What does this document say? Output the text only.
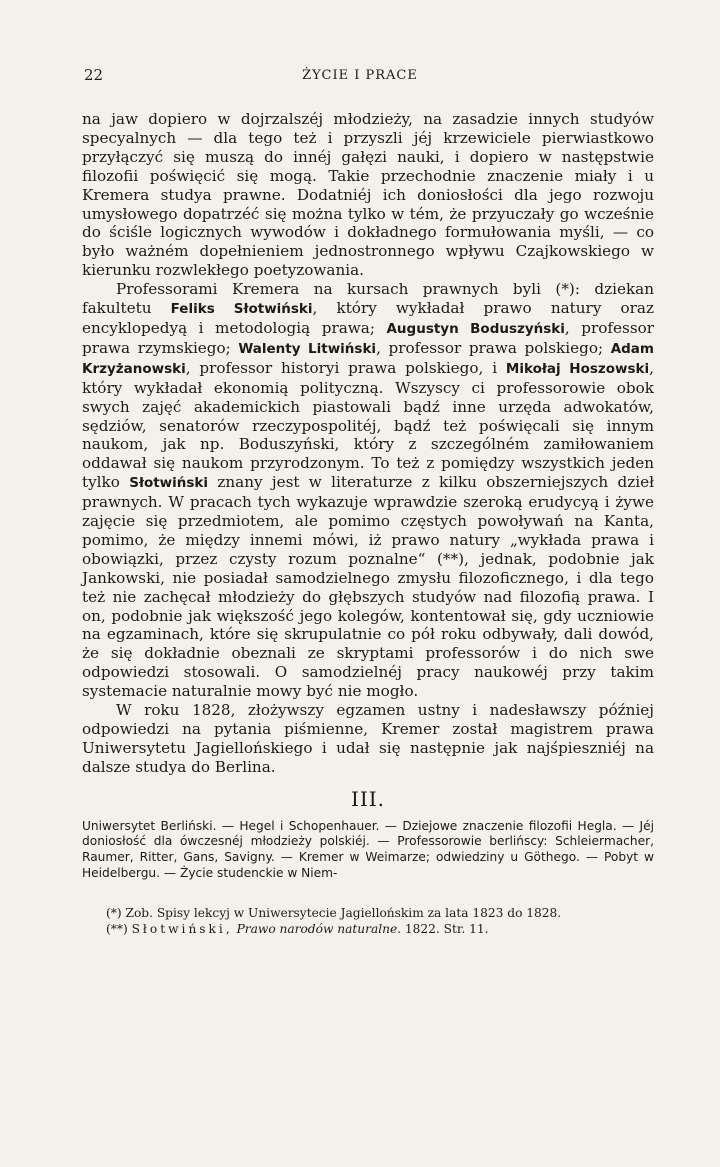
22	ŻYCIE I PRACE

na jaw dopiero w dojrzalszéj młodzieży, na zasadzie innych studyów specyalnych — dla tego też i przyszli jéj krzewiciele pierwiastkowo przyłączyć się muszą do innéj gałęzi nauki, i dopiero w następstwie filozofii poświęcić się mogą. Takie przechodnie znaczenie miały i u Kremera studya prawne. Dodatniéj ich doniosłości dla jego rozwoju umysłowego dopatrzéć się można tylko w tém, że przyuczały go wcześnie do ściśle logicznych wywodów i dokładnego formułowania myśli, — co było ważném dopełnieniem jednostronnego wpływu Czajkowskiego w kierunku rozwlekłego poetyzowania.

Professorami Kremera na kursach prawnych byli (*): dziekan fakultetu Feliks Słotwiński, który wykładał prawo natury oraz encyklopedyą i metodologią prawa; Augustyn Boduszyński, professor prawa rzymskiego; Walenty Litwiński, professor prawa polskiego; Adam Krzyżanowski, professor historyi prawa polskiego, i Mikołaj Hoszowski, który wykładał ekonomią polityczną. Wszyscy ci professorowie obok swych zajęć akademickich piastowali bądź inne urzęda adwokatów, sędziów, senatorów rzeczypospolitéj, bądź też poświęcali się innym naukom, jak np. Boduszyński, który z szczególném zamiłowaniem oddawał się naukom przyrodzonym. To też z pomiędzy wszystkich jeden tylko Słotwiński znany jest w literaturze z kilku obszerniejszych dzieł prawnych. W pracach tych wykazuje wprawdzie szeroką erudycyą i żywe zajęcie się przedmiotem, ale pomimo częstych powoływań na Kanta, pomimo, że między innemi mówi, iż prawo natury „wykłada prawa i obowiązki, przez czysty rozum poznalne“ (**), jednak, podobnie jak Jankowski, nie posiadał samodzielnego zmysłu filozoficznego, i dla tego też nie zachęcał młodzieży do głębszych studyów nad filozofią prawa. I on, podobnie jak większość jego kolegów, kontentował się, gdy uczniowie na egzaminach, które się skrupulatnie co pół roku odbywały, dali dowód, że się dokładnie obeznali ze skryptami professorów i do nich swe odpowiedzi stosowali. O samodzielnéj pracy naukowéj przy takim systemacie naturalnie mowy być nie mogło.

W roku 1828, złożywszy egzamen ustny i nadesławszy później odpowiedzi na pytania piśmienne, Kremer został magistrem prawa Uniwersytetu Jagiellońskiego i udał się następnie jak najśpieszniéj na dalsze studya do Berlina.

III.

Uniwersytet Berliński. — Hegel i Schopenhauer. — Dziejowe znaczenie filozofii Hegla. — Jéj doniosłość dla ówczesnéj młodzieży polskiéj. — Professorowie berlińscy: Schleiermacher, Raumer, Ritter, Gans, Savigny. — Kremer w Weimarze; odwiedziny u Göthego. — Pobyt w Heidelbergu. — Życie studenckie w Niem-

(*) Zob. Spisy lekcyj w Uniwersytecie Jagiellońskim za lata 1823 do 1828.

(**) Słotwiński, Prawo narodów naturalne. 1822. Str. 11.
